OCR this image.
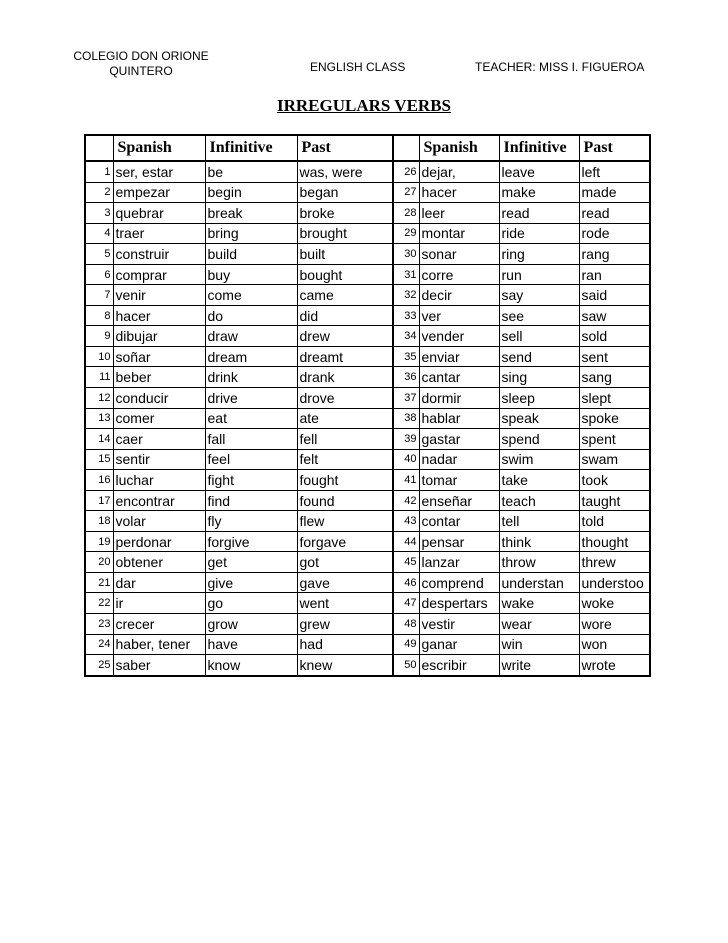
COLEGIO DON ORIONE QUINTERO	ENGLISH CLASS	TEACHER: MISS I. FIGUEROA
IRREGULARS VERBS
	Spanish	Infinitive	Past		Spanish	Infinitive	Past
1	ser, estar	be	was, were	26	dejar,	leave	left
2	empezar	begin	began	27	hacer	make	made
3	quebrar	break	broke	28	leer	read	read
4	traer	bring	brought	29	montar	ride	rode
5	construir	build	built	30	sonar	ring	rang
6	comprar	buy	bought	31	corre	run	ran
7	venir	come	came	32	decir	say	said
8	hacer	do	did	33	ver	see	saw
9	dibujar	draw	drew	34	vender	sell	sold
10	soñar	dream	dreamt	35	enviar	send	sent
11	beber	drink	drank	36	cantar	sing	sang
12	conducir	drive	drove	37	dormir	sleep	slept
13	comer	eat	ate	38	hablar	speak	spoke
14	caer	fall	fell	39	gastar	spend	spent
15	sentir	feel	felt	40	nadar	swim	swam
16	luchar	fight	fought	41	tomar	take	took
17	encontrar	find	found	42	enseñar	teach	taught
18	volar	fly	flew	43	contar	tell	told
19	perdonar	forgive	forgave	44	pensar	think	thought
20	obtener	get	got	45	lanzar	throw	threw
21	dar	give	gave	46	comprend	understan	understoo
22	ir	go	went	47	despertars	wake	woke
23	crecer	grow	grew	48	vestir	wear	wore
24	haber, tener	have	had	49	ganar	win	won
25	saber	know	knew	50	escribir	write	wrote
